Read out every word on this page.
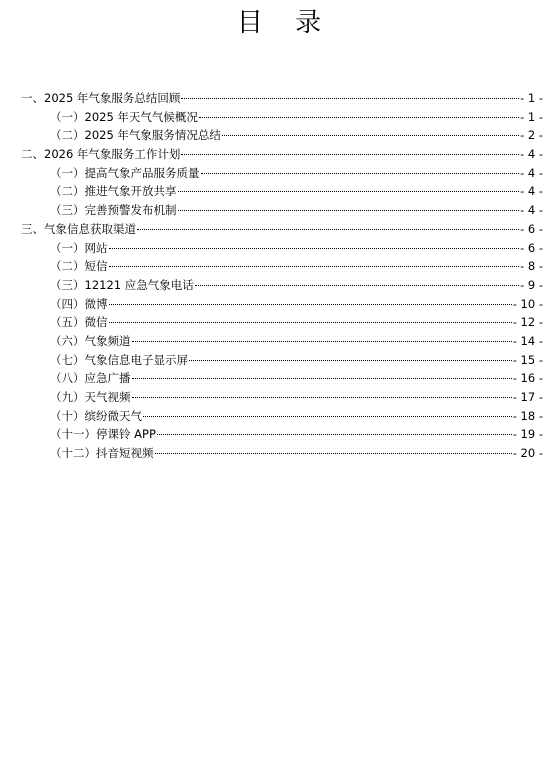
目 录
一、2025 年气象服务总结回顾	- 1 -
（一）2025 年天气气候概况	- 1 -
（二）2025 年气象服务情况总结	- 2 -
二、2026 年气象服务工作计划	- 4 -
（一）提高气象产品服务质量	- 4 -
（二）推进气象开放共享	- 4 -
（三）完善预警发布机制	- 4 -
三、气象信息获取渠道	- 6 -
（一）网站	- 6 -
（二）短信	- 8 -
（三）12121 应急气象电话	- 9 -
（四）微博	- 10 -
（五）微信	- 12 -
（六）气象频道	- 14 -
（七）气象信息电子显示屏	- 15 -
（八）应急广播	- 16 -
（九）天气视频	- 17 -
（十）缤纷微天气	- 18 -
（十一）停课铃 APP	- 19 -
（十二）抖音短视频	- 20 -
